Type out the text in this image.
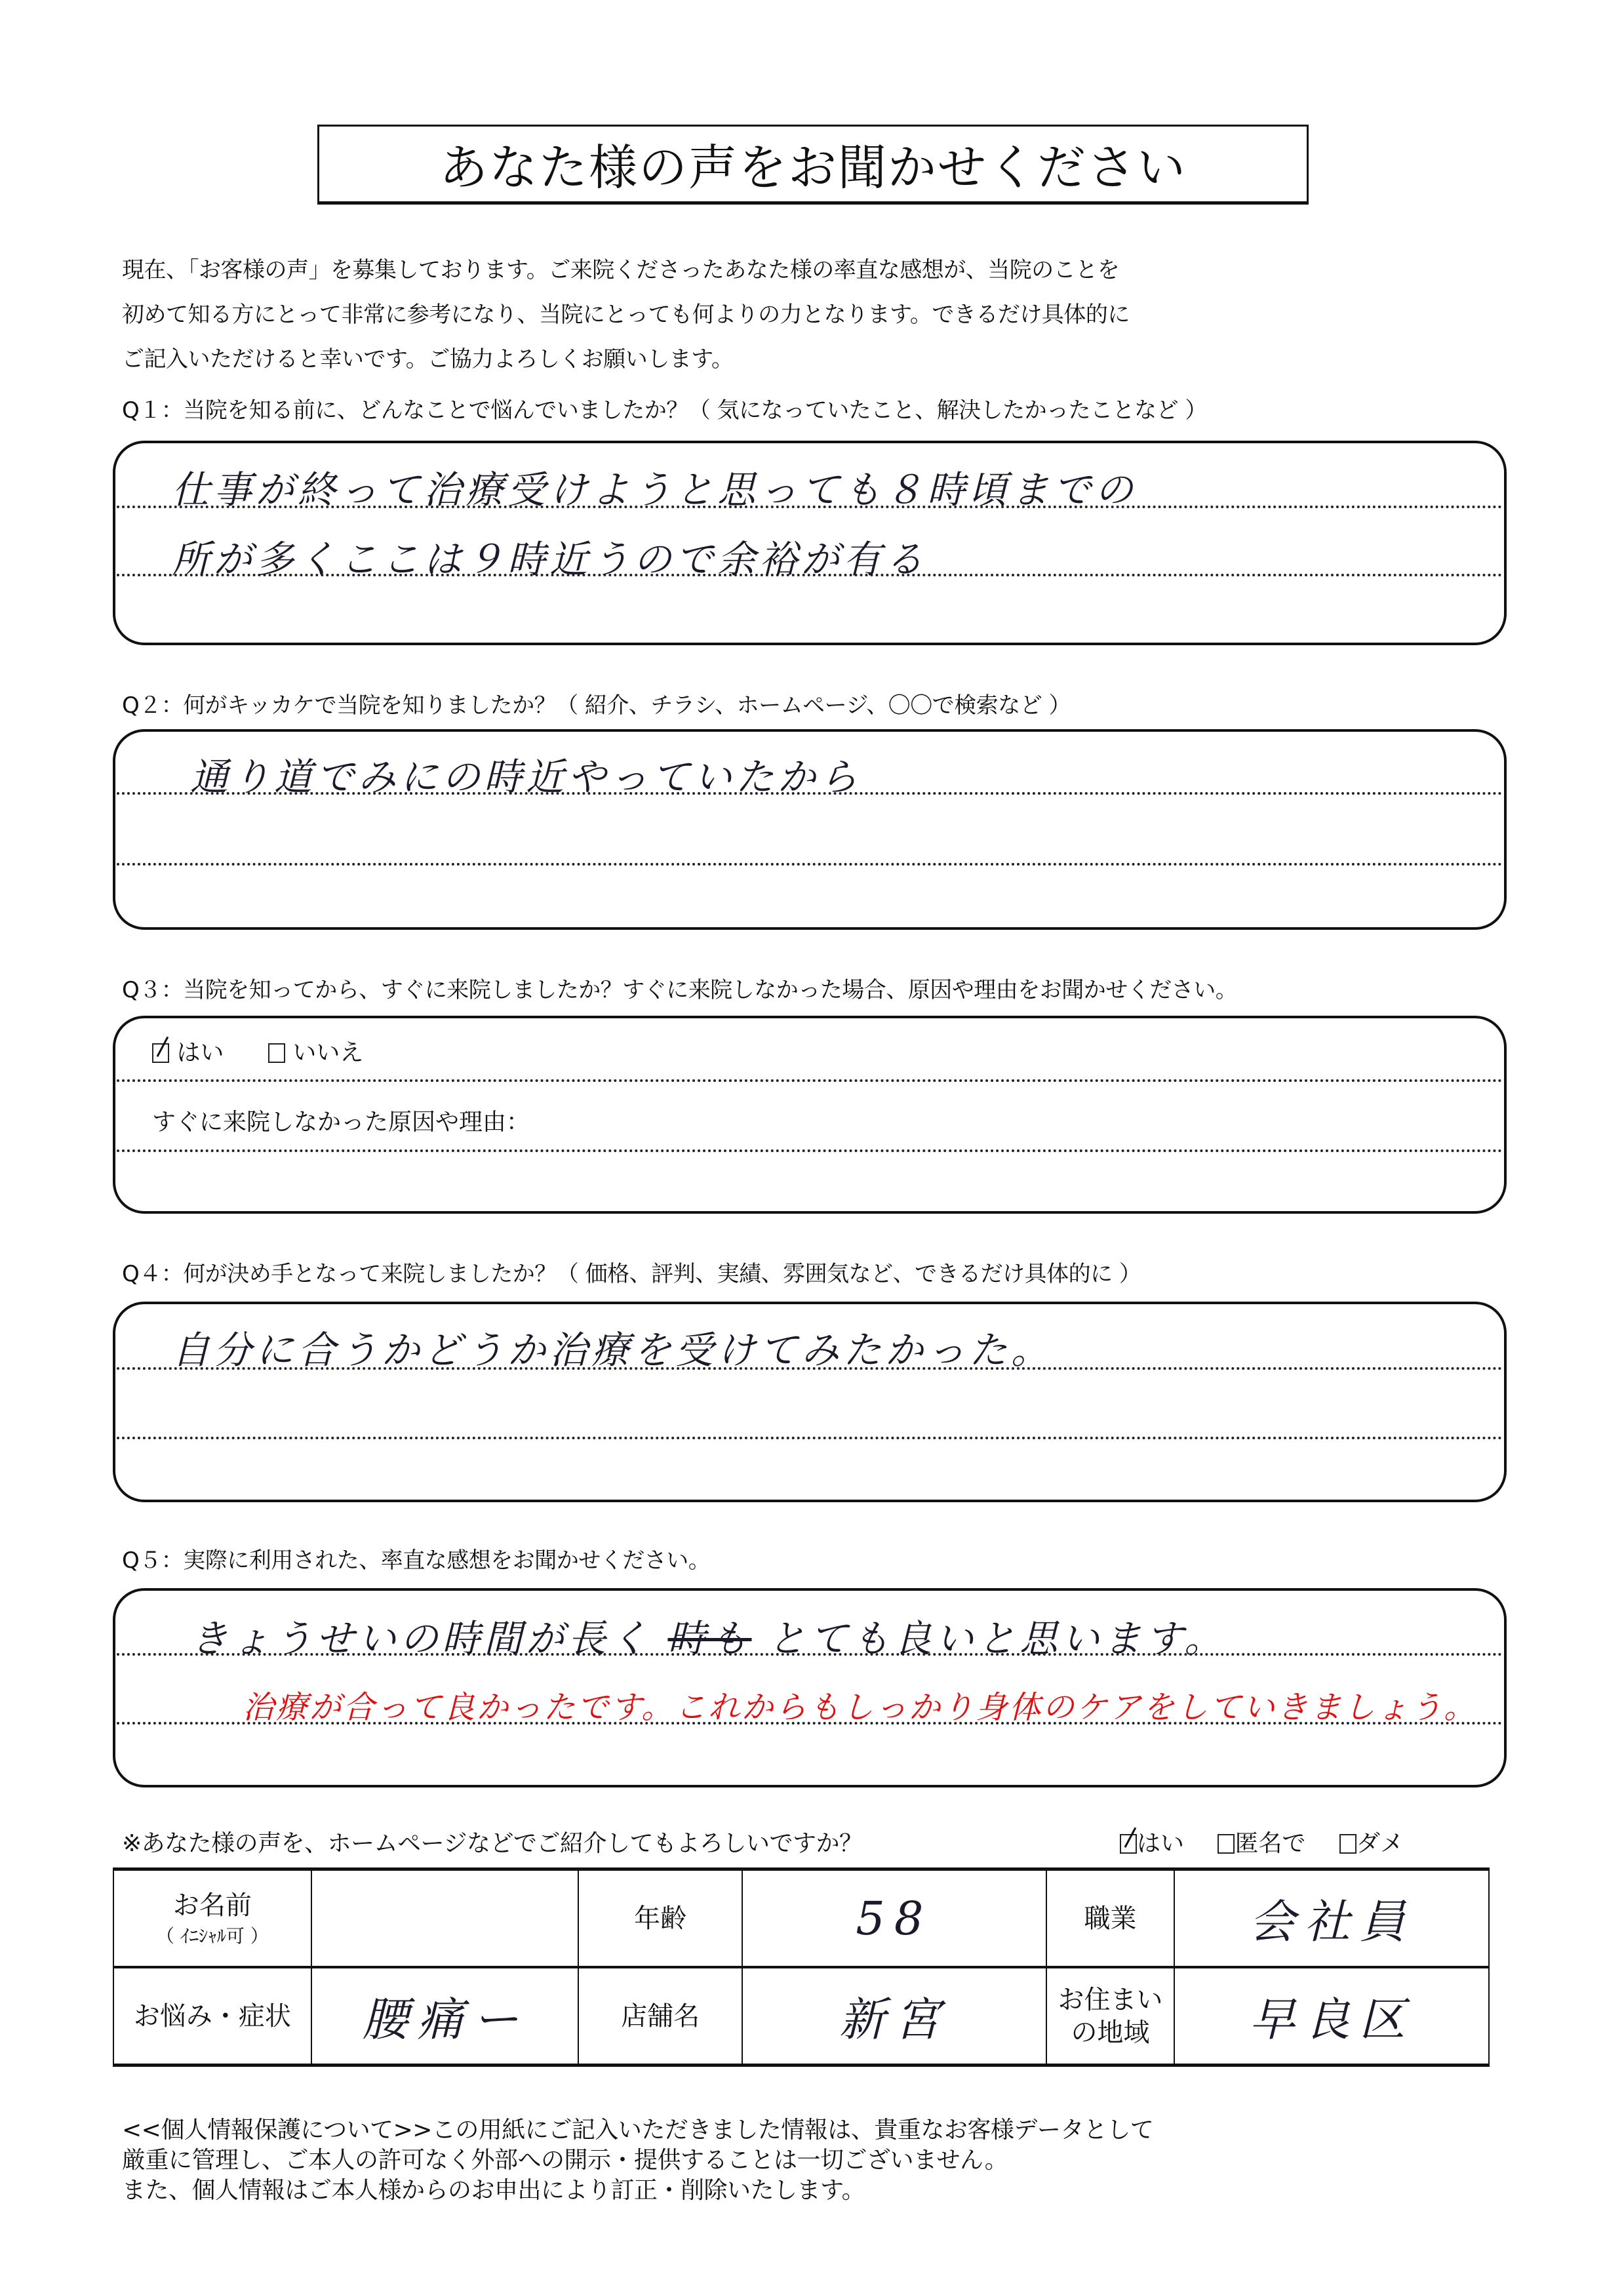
あなた様の声をお聞かせください
現在、「お客様の声」を募集しております。ご来院くださったあなた様の率直な感想が、当院のことを
初めて知る方にとって非常に参考になり、当院にとっても何よりの力となります。できるだけ具体的に
ご記入いただけると幸いです。ご協力よろしくお願いします。
Q１：当院を知る前に、どんなことで悩んでいましたか？（ 気になっていたこと、解決したかったことなど ）
仕事が終って治療受けようと思っても８時頃までの
所が多くここは９時近うので余裕が有る
Q２：何がキッカケで当院を知りましたか？（ 紹介、チラシ、ホームページ、〇〇で検索など ）
通り道でみにの時近やっていたから
Q３：当院を知ってから、すぐに来院しましたか？すぐに来院しなかった場合、原因や理由をお聞かせください。
はい	いいえ
すぐに来院しなかった原因や理由：
Q４：何が決め手となって来院しましたか？（ 価格、評判、実績、雰囲気など、できるだけ具体的に ）
自分に合うかどうか治療を受けてみたかった。
Q５：実際に利用された、率直な感想をお聞かせください。
きょうせいの時間が長く 時も とても良いと思います。
治療が合って良かったです。これからもしっかり身体のケアをしていきましょう。
※あなた様の声を、ホームページなどでご紹介してもよろしいですか？	はい 匿名で ダメ
お名前
（ ｲﾆｼｬﾙ可 ）		年齢	58	職業	会社員
お悩み・症状	腰痛ー	店舗名	新宮	お住まい
の地域	早良区
<<個人情報保護について>>この用紙にご記入いただきました情報は、貴重なお客様データとして
厳重に管理し、ご本人の許可なく外部への開示・提供することは一切ございません。
また、個人情報はご本人様からのお申出により訂正・削除いたします。
